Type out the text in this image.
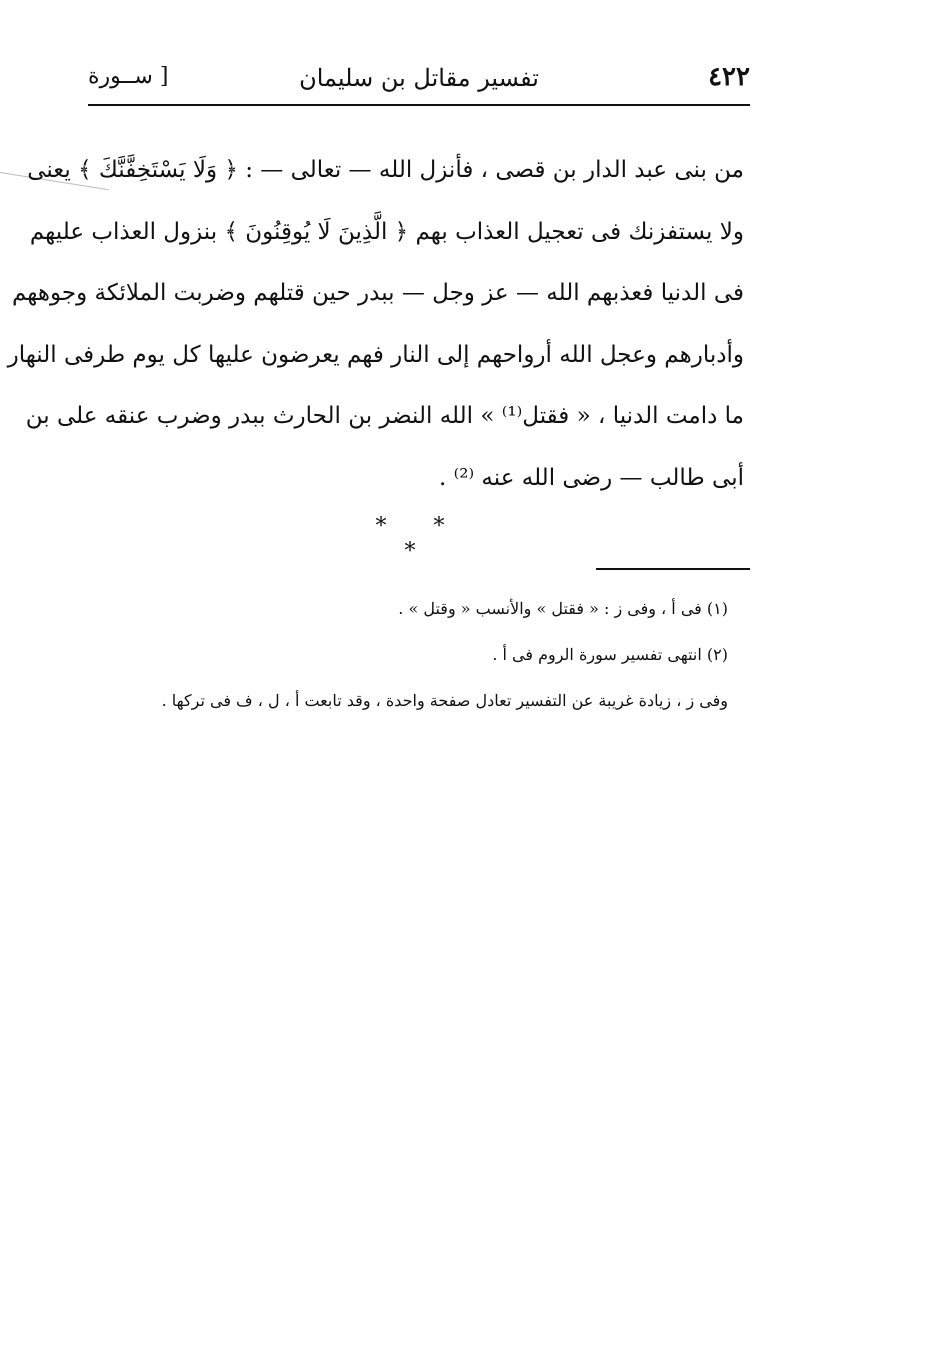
٤٢٢
تفسير مقاتل بن سليمان
[ ســورة
من بنى عبد الدار بن قصى ، فأنزل الله — تعالى — : ﴿ وَلَا يَسْتَخِفَّنَّكَ ﴾ يعنى
ولا يستفزنك فى تعجيل العذاب بهم ﴿ الَّذِينَ لَا يُوقِنُونَ ﴾ بنزول العذاب عليهم
فى الدنيا فعذبهم الله — عز وجل — ببدر حين قتلهم وضربت الملائكة وجوههم
وأدبارهم وعجل الله أرواحهم إلى النار فهم يعرضون عليها كل يوم طرفى النهار
ما دامت الدنيا ، « فقتل⁽¹⁾ » الله النضر بن الحارث ببدر وضرب عنقه على بن
أبى طالب — رضى الله عنه ⁽²⁾ .
* * *
(١) فى أ ، وفى ز : « فقتل » والأنسب « وقتل » .
(٢) انتهى تفسير سورة الروم فى أ .
وفى ز ، زيادة غريبة عن التفسير تعادل صفحة واحدة ، وقد تابعت أ ، ل ، ف فى تركها .
